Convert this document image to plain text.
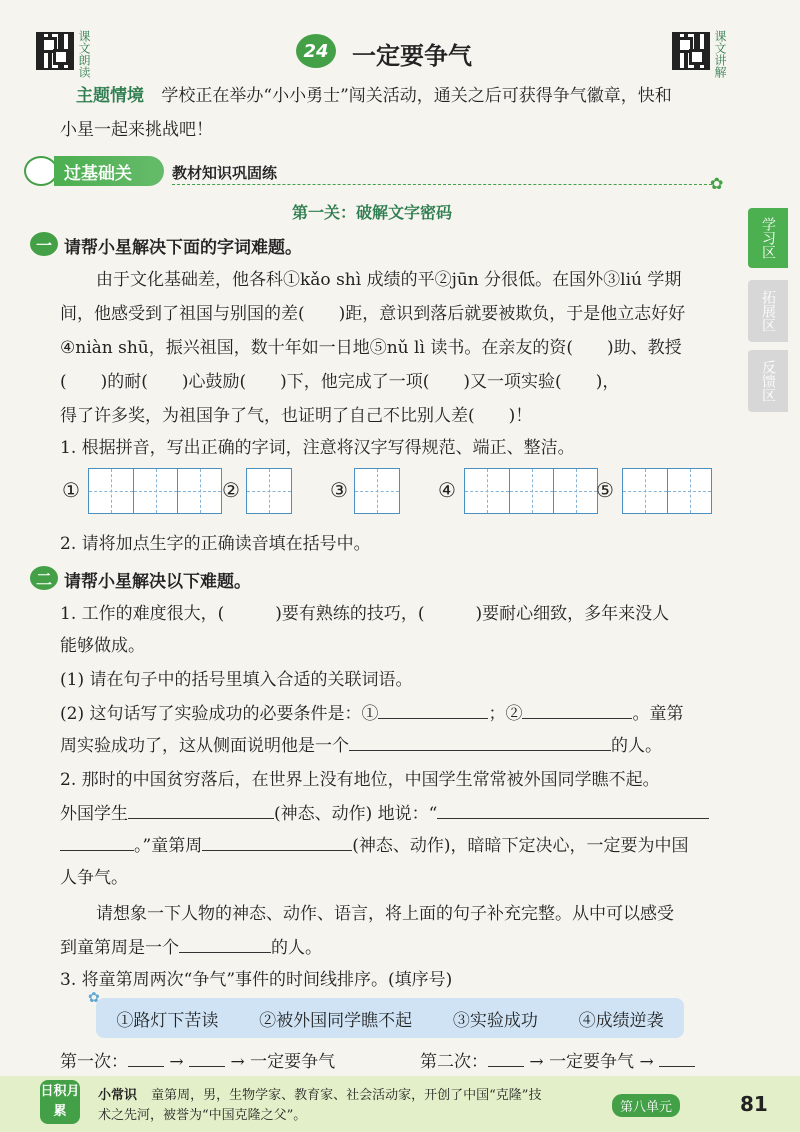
课文朗读	24 一定要争气	课文讲解
主题情境 学校正在举办“小小勇士”闯关活动，通关之后可获得争气徽章，快和
小星一起来挑战吧！
过基础关	教材知识巩固练
✿
第一关：破解文字密码
学习区
拓展区
反馈区
一 请帮小星解决下面的字词难题。
由于文化基础差，他各科①kǎo shì 成绩的平②jūn 分很低。在国外③liú 学期
间，他感受到了祖国与别国的差(　　)距，意识到落后就要被欺负，于是他立志好好
④niàn shū，振兴祖国，数十年如一日地⑤nǔ lì 读书。在亲友的资(　　)助、教授
(　　)的耐(　　)心鼓励(　　)下，他完成了一项(　　)又一项实验(　　)，
得了许多奖，为祖国争了气，也证明了自己不比别人差(　　)！
1. 根据拼音，写出正确的字词，注意将汉字写得规范、端正、整洁。
①	②	③	④	⑤
2. 请将加点生字的正确读音填在括号中。
二 请帮小星解决以下难题。
1. 工作的难度很大，(　　　)要有熟练的技巧，(　　　)要耐心细致，多年来没人
能够做成。
(1) 请在句子中的括号里填入合适的关联词语。
(2) 这句话写了实验成功的必要条件是：①	；②	。童第
周实验成功了，这从侧面说明他是一个	的人。
2. 那时的中国贫穷落后，在世界上没有地位，中国学生常常被外国同学瞧不起。
外国学生	(神态、动作) 地说：“
。”童第周	(神态、动作)，暗暗下定决心，一定要为中国
人争气。
请想象一下人物的神态、动作、语言，将上面的句子补充完整。从中可以感受
到童第周是一个	的人。
3. 将童第周两次“争气”事件的时间线排序。(填序号)
①路灯下苦读 ②被外国同学瞧不起 ③实验成功 ④成绩逆袭
✿
第一次： →	→ 一定要争气	第二次： → 一定要争气 →
日积月累
小常识 童第周，男，生物学家、教育家、社会活动家，开创了中国“克隆”技
术之先河，被誉为“中国克隆之父”。
第八单元	81
